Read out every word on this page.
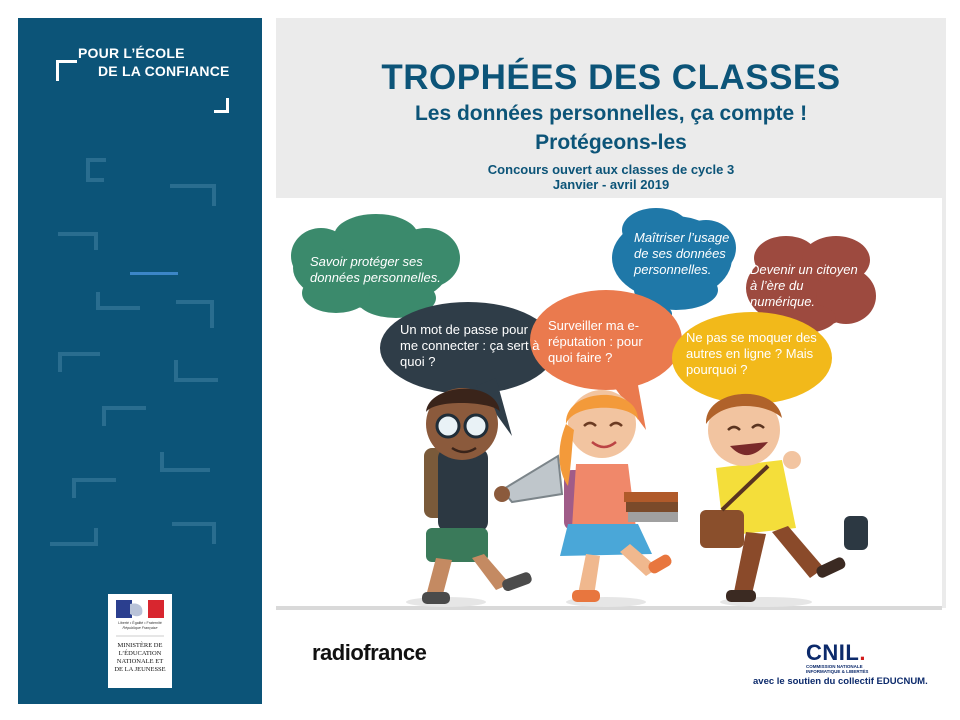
POUR L’ÉCOLE
DE LA CONFIANCE
Liberté • Égalité • Fraternité
République Française
MINISTÈRE DE L’ÉDUCATION NATIONALE ET DE LA JEUNESSE
TROPHÉES DES CLASSES
Les données personnelles, ça compte !
Protégeons-les
Concours ouvert aux classes de cycle 3
Janvier - avril 2019
Savoir protéger ses données personnelles.
Maîtriser l’usage de ses données personnelles.	Devenir un citoyen à l’ère du numérique.
Un mot de passe pour me connecter : ça sert à quoi ?
Surveiller ma e-réputation : pour quoi faire ?
Ne pas se moquer des autres en ligne ? Mais pourquoi ?
radiofrance	CNIL.
COMMISSION NATIONALE INFORMATIQUE & LIBERTÉS
avec le soutien du collectif EDUCNUM.
